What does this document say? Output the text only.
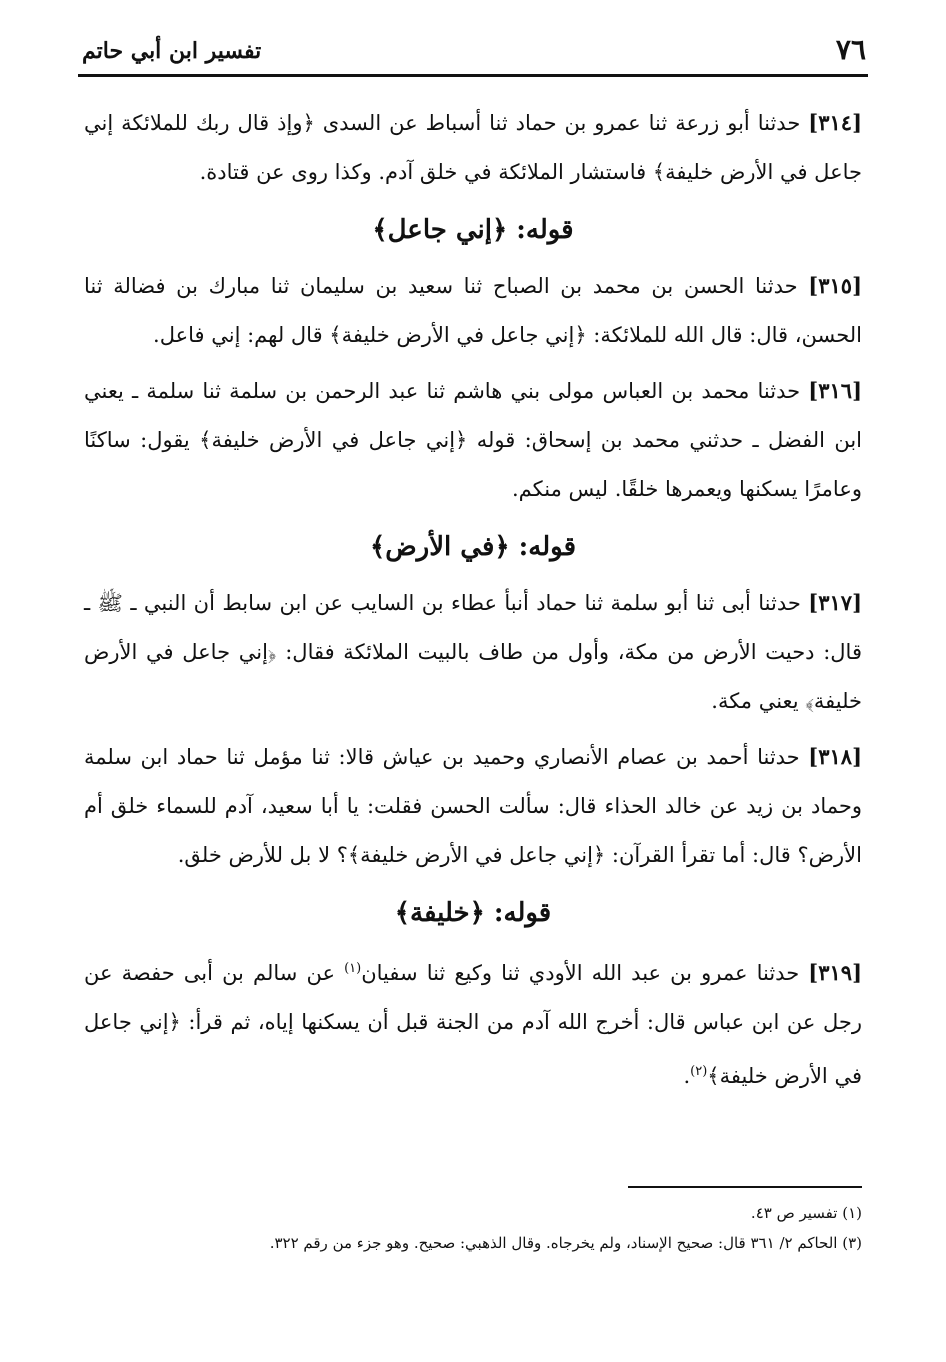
٧٦
تفسير ابن أبي حاتم

[٣١٤] حدثنا أبو زرعة ثنا عمرو بن حماد ثنا أسباط عن السدى ﴿وإذ قال ربك للملائكة إني جاعل في الأرض خليفة﴾ فاستشار الملائكة في خلق آدم. وكذا روى عن قتادة.

قوله: ﴿إني جاعل﴾

[٣١٥] حدثنا الحسن بن محمد بن الصباح ثنا سعيد بن سليمان ثنا مبارك بن فضالة ثنا الحسن، قال: قال الله للملائكة: ﴿إني جاعل في الأرض خليفة﴾ قال لهم: إني فاعل.

[٣١٦] حدثنا محمد بن العباس مولى بني هاشم ثنا عبد الرحمن بن سلمة ثنا سلمة ـ يعني ابن الفضل ـ حدثني محمد بن إسحاق: قوله ﴿إني جاعل في الأرض خليفة﴾ يقول: ساكنًا وعامرًا يسكنها ويعمرها خلقًا. ليس منكم.

قوله: ﴿في الأرض﴾

[٣١٧] حدثنا أبى ثنا أبو سلمة ثنا حماد أنبأ عطاء بن السايب عن ابن سابط أن النبي ـ ﷺ ـ قال: دحيت الأرض من مكة، وأول من طاف بالبيت الملائكة فقال: ﴿إني جاعل في الأرض خليفة﴾ يعني مكة.

[٣١٨] حدثنا أحمد بن عصام الأنصاري وحميد بن عياش قالا: ثنا مؤمل ثنا حماد ابن سلمة وحماد بن زيد عن خالد الحذاء قال: سألت الحسن فقلت: يا أبا سعيد، آدم للسماء خلق أم الأرض؟ قال: أما تقرأ القرآن: ﴿إني جاعل في الأرض خليفة﴾؟ لا بل للأرض خلق.

قوله: ﴿خليفة﴾

[٣١٩] حدثنا عمرو بن عبد الله الأودي ثنا وكيع ثنا سفيان$^{(١)}$ عن سالم بن أبى حفصة عن رجل عن ابن عباس قال: أخرج الله آدم من الجنة قبل أن يسكنها إياه، ثم قرأ: ﴿إني جاعل في الأرض خليفة﴾$^{(٢)}$.

(١) تفسير ص ٤٣.

(٣) الحاكم ٢/ ٣٦١ قال: صحيح الإسناد، ولم يخرجاه. وقال الذهبي: صحيح. وهو جزء من رقم ٣٢٢.
